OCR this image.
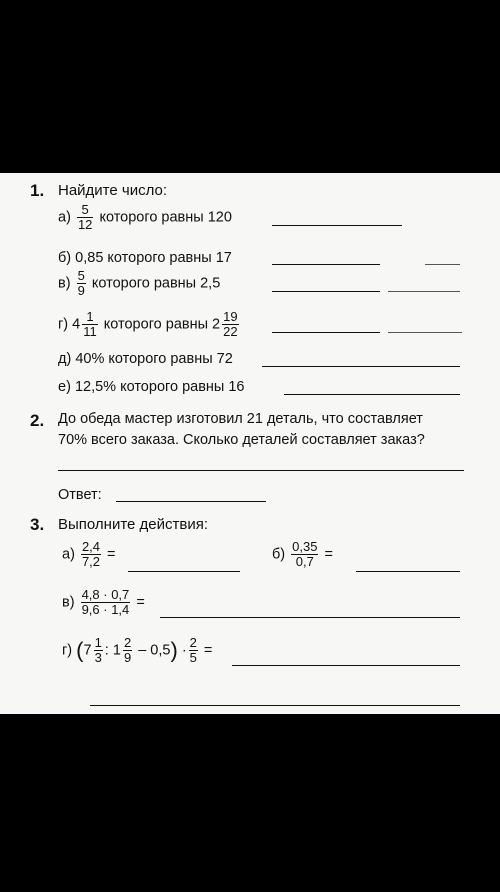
1. Найдите число:
$а) \frac{5}{12}$ которого равны 120
б) 0,85 которого равны 17
$в) \frac{5}{9}$ которого равны 2,5
г) $4 \frac{1}{11}$ которого равны $2 \frac{19}{22}$
д) 40% которого равны 72
е) 12,5% которого равны 16
2. До обеда мастер изготовил 21 деталь, что составляет
70% всего заказа. Сколько деталей составляет заказ?
Ответ:
3. Выполните действия:
$а) \frac{2,4}{7,2}$ =	$б) \frac{0,35}{0,7}$ =
$в) \frac{4,8 \cdot 0,7}{9,6 \cdot 1,4}$ =
г) ($7 \frac{1}{3}$ : $1 \frac{2}{9} - 0,5) \cdot \frac{2}{5}$ =
